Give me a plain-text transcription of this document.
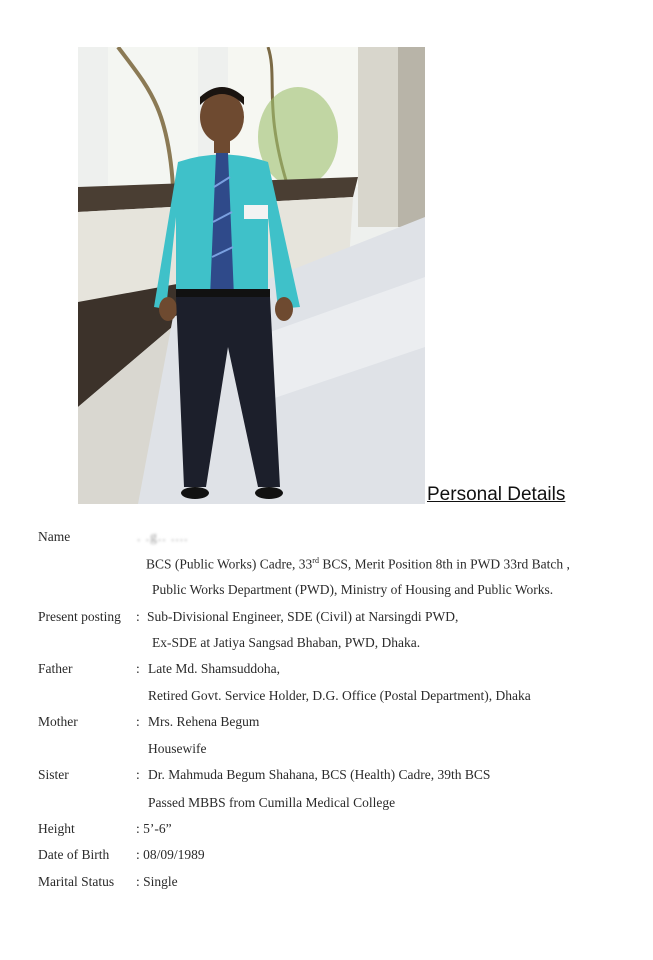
Personal Details
Name	. .g.. ....
BCS (Public Works) Cadre, 33rd BCS, Merit Position 8th in PWD 33rd Batch ,
Public Works Department (PWD), Ministry of Housing and Public Works.
Present posting : Sub-Divisional Engineer, SDE (Civil) at Narsingdi PWD,
Ex-SDE at Jatiya Sangsad Bhaban, PWD, Dhaka.
Father	: Late Md. Shamsuddoha,
Retired Govt. Service Holder, D.G. Office (Postal Department), Dhaka
Mother	: Mrs. Rehena Begum
Housewife
Sister	: Dr. Mahmuda Begum Shahana, BCS (Health) Cadre, 39th BCS
Passed MBBS from Cumilla Medical College
Height	: 5’-6”
Date of Birth : 08/09/1989
Marital Status : Single
